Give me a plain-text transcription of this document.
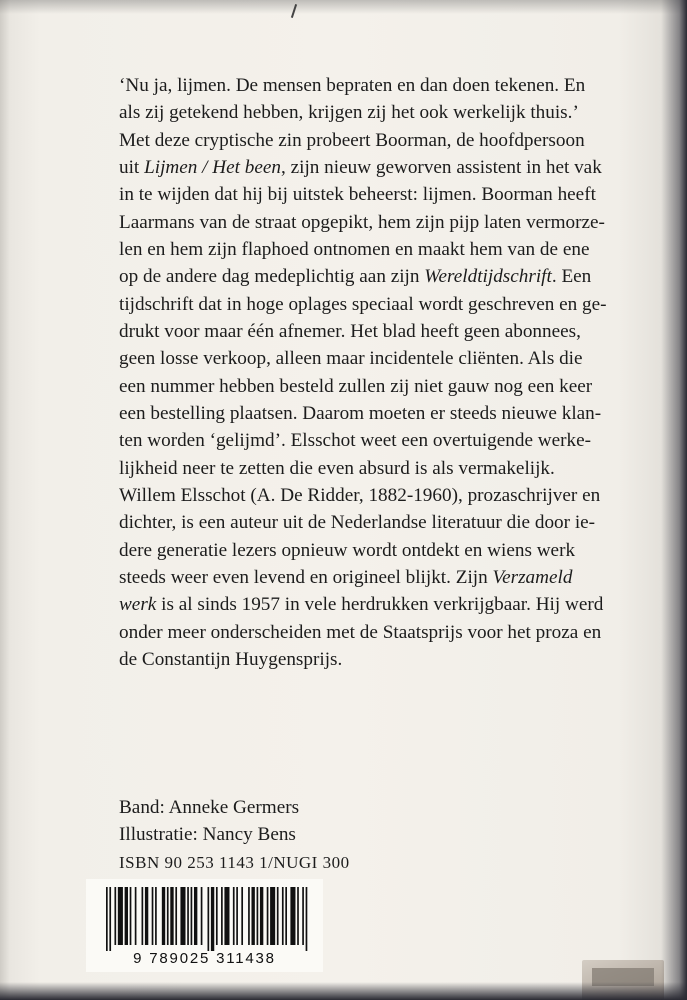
‘Nu ja, lijmen. De mensen bepraten en dan doen tekenen. En
als zij getekend hebben, krijgen zij het ook werkelijk thuis.’
Met deze cryptische zin probeert Boorman, de hoofdpersoon
uit Lijmen / Het been, zijn nieuw geworven assistent in het vak
in te wijden dat hij bij uitstek beheerst: lijmen. Boorman heeft
Laarmans van de straat opgepikt, hem zijn pijp laten vermorze-
len en hem zijn flaphoed ontnomen en maakt hem van de ene
op de andere dag medeplichtig aan zijn Wereldtijdschrift. Een
tijdschrift dat in hoge oplages speciaal wordt geschreven en ge-
drukt voor maar één afnemer. Het blad heeft geen abonnees,
geen losse verkoop, alleen maar incidentele cliënten. Als die
een nummer hebben besteld zullen zij niet gauw nog een keer
een bestelling plaatsen. Daarom moeten er steeds nieuwe klan-
ten worden ‘gelijmd’. Elsschot weet een overtuigende werke-
lijkheid neer te zetten die even absurd is als vermakelijk.
Willem Elsschot (A. De Ridder, 1882-1960), prozaschrijver en
dichter, is een auteur uit de Nederlandse literatuur die door ie-
dere generatie lezers opnieuw wordt ontdekt en wiens werk
steeds weer even levend en origineel blijkt. Zijn Verzameld
werk is al sinds 1957 in vele herdrukken verkrijgbaar. Hij werd
onder meer onderscheiden met de Staatsprijs voor het proza en
de Constantijn Huygensprijs.
Band: Anneke Germers
Illustratie: Nancy Bens
ISBN 90 253 1143 1/NUGI 300
9 789025 311438
